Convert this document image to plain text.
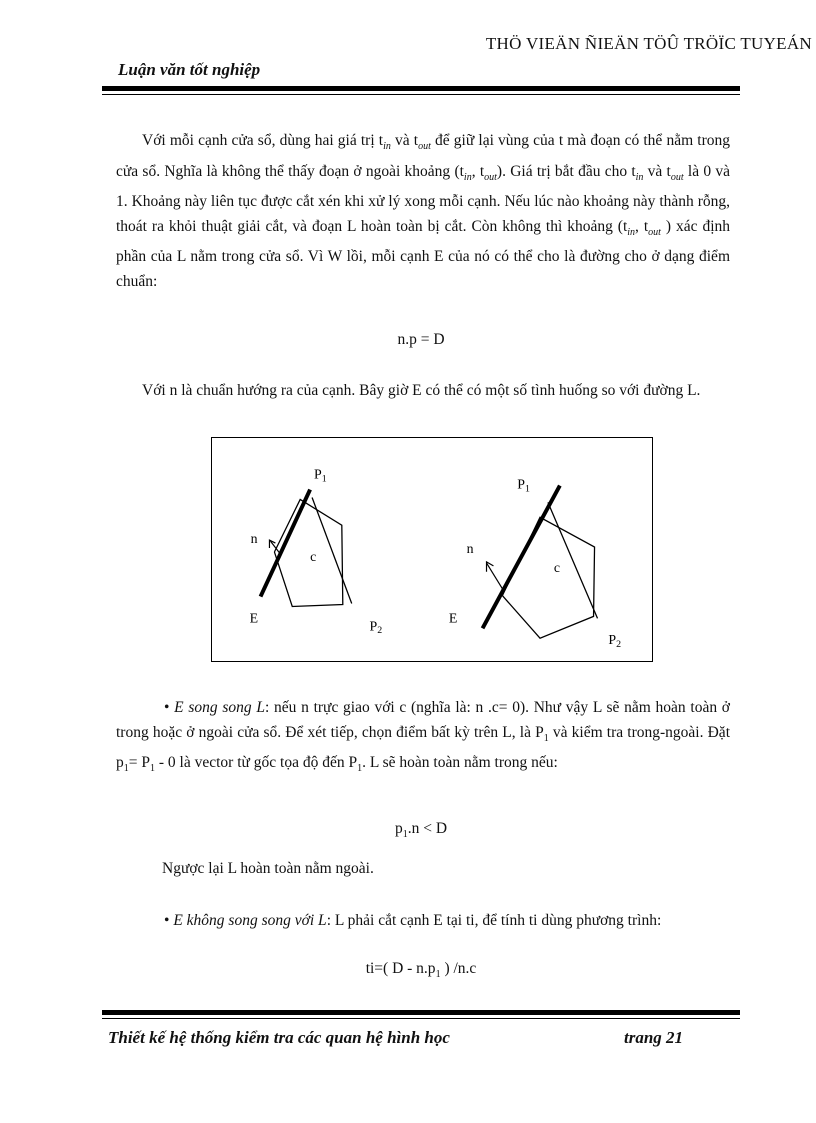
THÖ VIEÄN ÑIEÄN TÖÛ TRÖÏC TUYEÁN
Luận văn tốt nghiệp
Với mỗi cạnh cửa sổ, dùng hai giá trị $t_{in}$ và $t_{out}$ để giữ lại vùng của t mà đoạn có thể nằm trong cửa sổ. Nghĩa là không thể thấy đoạn ở ngoài khoảng ($t_{in}$, $t_{out}$). Giá trị bắt đầu cho $t_{in}$ và $t_{out}$ là 0 và 1. Khoảng này liên tục được cắt xén khi xử lý xong mỗi cạnh. Nếu lúc nào khoảng này thành rỗng, thoát ra khỏi thuật giải cắt, và đoạn L hoàn toàn bị cắt. Còn không thì khoảng ($t_{in}$, $t_{out}$ ) xác định phần của L nằm trong cửa sổ. Vì W lồi, mỗi cạnh E của nó có thể cho là đường cho ở dạng điểm chuẩn:
n.p = D
Với n là chuẩn hướng ra của cạnh. Bây giờ E có thể có một số tình huống so với đường L.
$P_1$
n
c
E
$P_2$
$P_1$
n
c
E
$P_2$
• E song song L: nếu n trực giao với c (nghĩa là: n .c= 0). Như vậy L sẽ nằm hoàn toàn ở trong hoặc ở ngoài cửa sổ. Để xét tiếp, chọn điểm bất kỳ trên L, là $P_1$ và kiểm tra trong-ngoài. Đặt $p_1= P_1 - 0$ là vector từ gốc tọa độ đến $P_1$. L sẽ hoàn toàn nằm trong nếu:
$p_1.n < D$
Ngược lại L hoàn toàn nằm ngoài.
• E không song song với L: L phải cắt cạnh E tại ti, để tính ti dùng phương trình:
ti=( D - $n.p_1$ ) /n.c
Thiết kế hệ thống kiểm tra các quan hệ hình học	trang 21
